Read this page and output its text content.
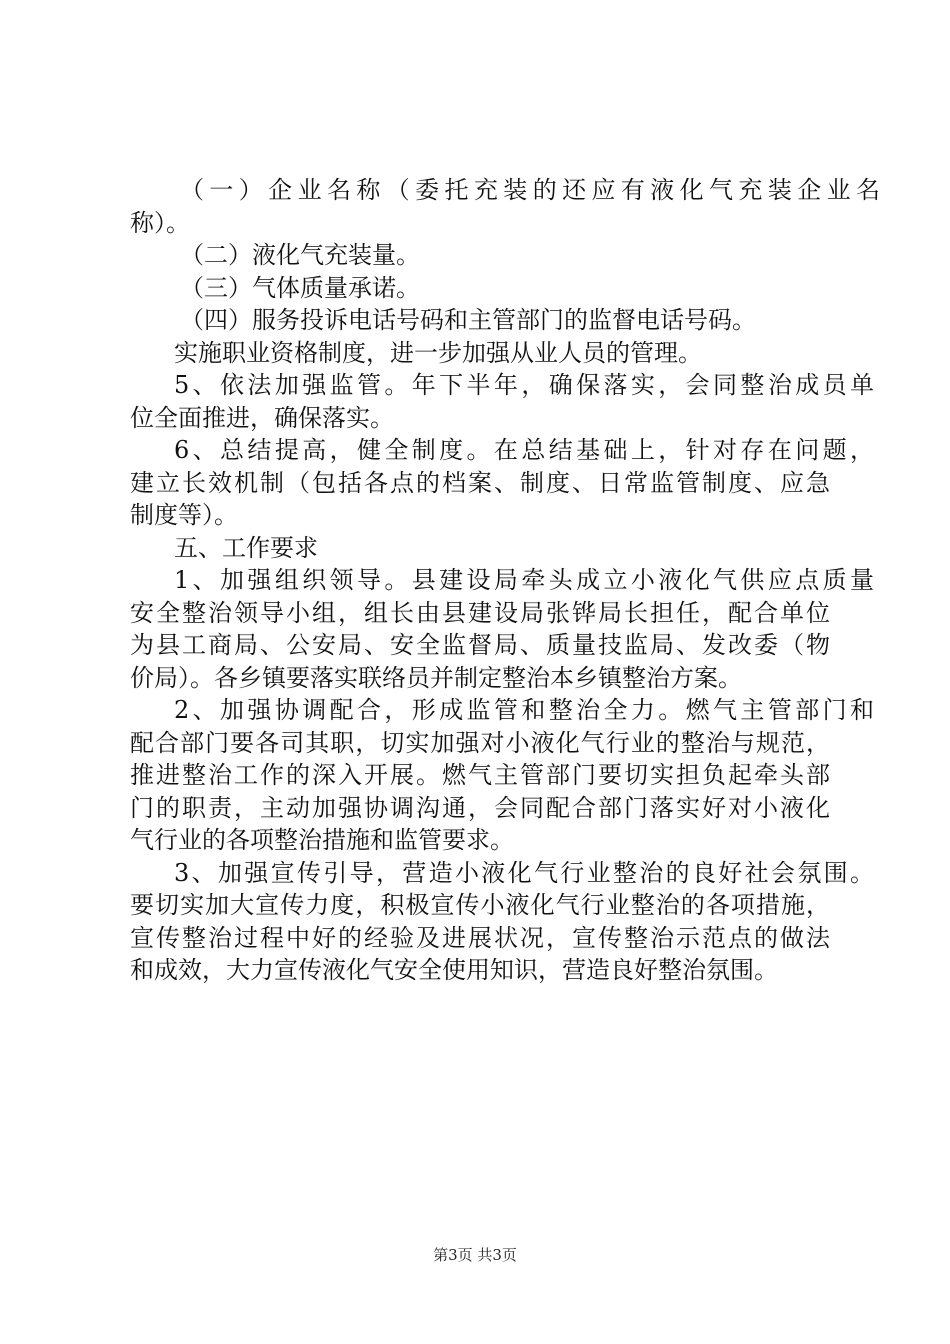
（一）企业名称（委托充装的还应有液化气充装企业名
称）。
（二）液化气充装量。
（三）气体质量承诺。
（四）服务投诉电话号码和主管部门的监督电话号码。
实施职业资格制度，进一步加强从业人员的管理。
5、依法加强监管。年下半年，确保落实，会同整治成员单
位全面推进，确保落实。
6、总结提高，健全制度。在总结基础上，针对存在问题，
建立长效机制（包括各点的档案、制度、日常监管制度、应急
制度等）。
五、工作要求
1、加强组织领导。县建设局牵头成立小液化气供应点质量
安全整治领导小组，组长由县建设局张铧局长担任，配合单位
为县工商局、公安局、安全监督局、质量技监局、发改委（物
价局）。各乡镇要落实联络员并制定整治本乡镇整治方案。
2、加强协调配合，形成监管和整治全力。燃气主管部门和
配合部门要各司其职，切实加强对小液化气行业的整治与规范，
推进整治工作的深入开展。燃气主管部门要切实担负起牵头部
门的职责，主动加强协调沟通，会同配合部门落实好对小液化
气行业的各项整治措施和监管要求。
3、加强宣传引导，营造小液化气行业整治的良好社会氛围。
要切实加大宣传力度，积极宣传小液化气行业整治的各项措施，
宣传整治过程中好的经验及进展状况，宣传整治示范点的做法
和成效，大力宣传液化气安全使用知识，营造良好整治氛围。
第3页 共3页
